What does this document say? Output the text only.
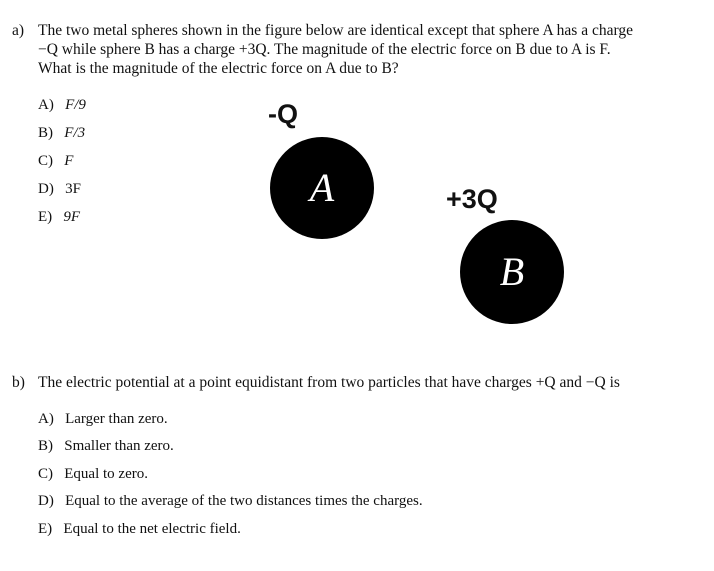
a) The two metal spheres shown in the figure below are identical except that sphere A has a charge
−Q while sphere B has a charge +3Q. The magnitude of the electric force on B due to A is F.
What is the magnitude of the electric force on A due to B?
A)   F/9
B)   F/3
C)   F
D)   3F
E)   9F
-Q
A	+3Q
B
b) The electric potential at a point equidistant from two particles that have charges +Q and −Q is
A)   Larger than zero.
B)   Smaller than zero.
C)   Equal to zero.
D)   Equal to the average of the two distances times the charges.
E)   Equal to the net electric field.
